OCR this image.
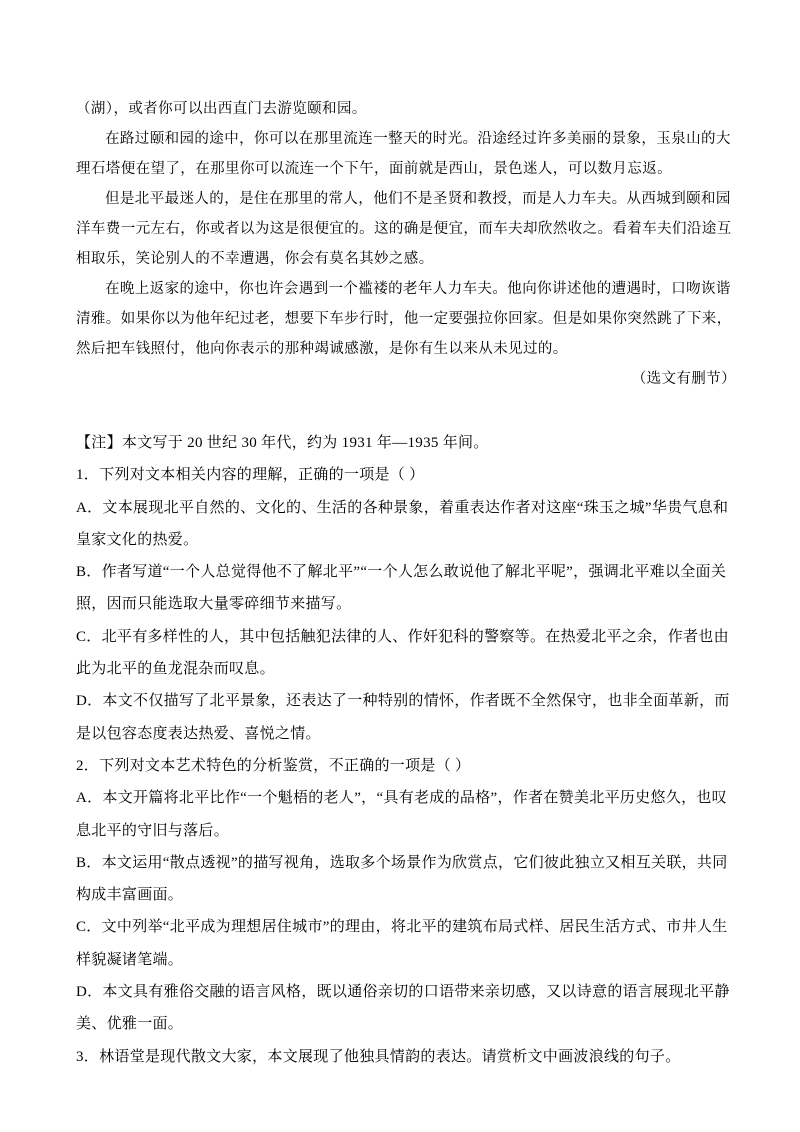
（湖），或者你可以出西直门去游览颐和园。

在路过颐和园的途中，你可以在那里流连一整天的时光。沿途经过许多美丽的景象，玉泉山的大理石塔便在望了，在那里你可以流连一个下午，面前就是西山，景色迷人，可以数月忘返。

但是北平最迷人的，是住在那里的常人，他们不是圣贤和教授，而是人力车夫。从西城到颐和园洋车费一元左右，你或者以为这是很便宜的。这的确是便宜，而车夫却欣然收之。看着车夫们沿途互相取乐，笑论别人的不幸遭遇，你会有莫名其妙之感。

在晚上返家的途中，你也许会遇到一个褴褛的老年人力车夫。他向你讲述他的遭遇时，口吻诙谐清雅。如果你以为他年纪过老，想要下车步行时，他一定要强拉你回家。但是如果你突然跳了下来，然后把车钱照付，他向你表示的那种竭诚感激，是你有生以来从未见过的。

（选文有删节）

【注】本文写于 20 世纪 30 年代，约为 1931 年—1935 年间。

1．下列对文本相关内容的理解，正确的一项是（ ）

A．文本展现北平自然的、文化的、生活的各种景象，着重表达作者对这座“珠玉之城”华贵气息和皇家文化的热爱。

B．作者写道“一个人总觉得他不了解北平”“一个人怎么敢说他了解北平呢”，强调北平难以全面关照，因而只能选取大量零碎细节来描写。

C．北平有多样性的人，其中包括触犯法律的人、作奸犯科的警察等。在热爱北平之余，作者也由此为北平的鱼龙混杂而叹息。

D．本文不仅描写了北平景象，还表达了一种特别的情怀，作者既不全然保守，也非全面革新，而是以包容态度表达热爱、喜悦之情。

2．下列对文本艺术特色的分析鉴赏，不正确的一项是（ ）

A．本文开篇将北平比作“一个魁梧的老人”，“具有老成的品格”，作者在赞美北平历史悠久，也叹息北平的守旧与落后。

B．本文运用“散点透视”的描写视角，选取多个场景作为欣赏点，它们彼此独立又相互关联，共同构成丰富画面。

C．文中列举“北平成为理想居住城市”的理由，将北平的建筑布局式样、居民生活方式、市井人生样貌凝诸笔端。

D．本文具有雅俗交融的语言风格，既以通俗亲切的口语带来亲切感，又以诗意的语言展现北平静美、优雅一面。

3．林语堂是现代散文大家，本文展现了他独具情韵的表达。请赏析文中画波浪线的句子。
